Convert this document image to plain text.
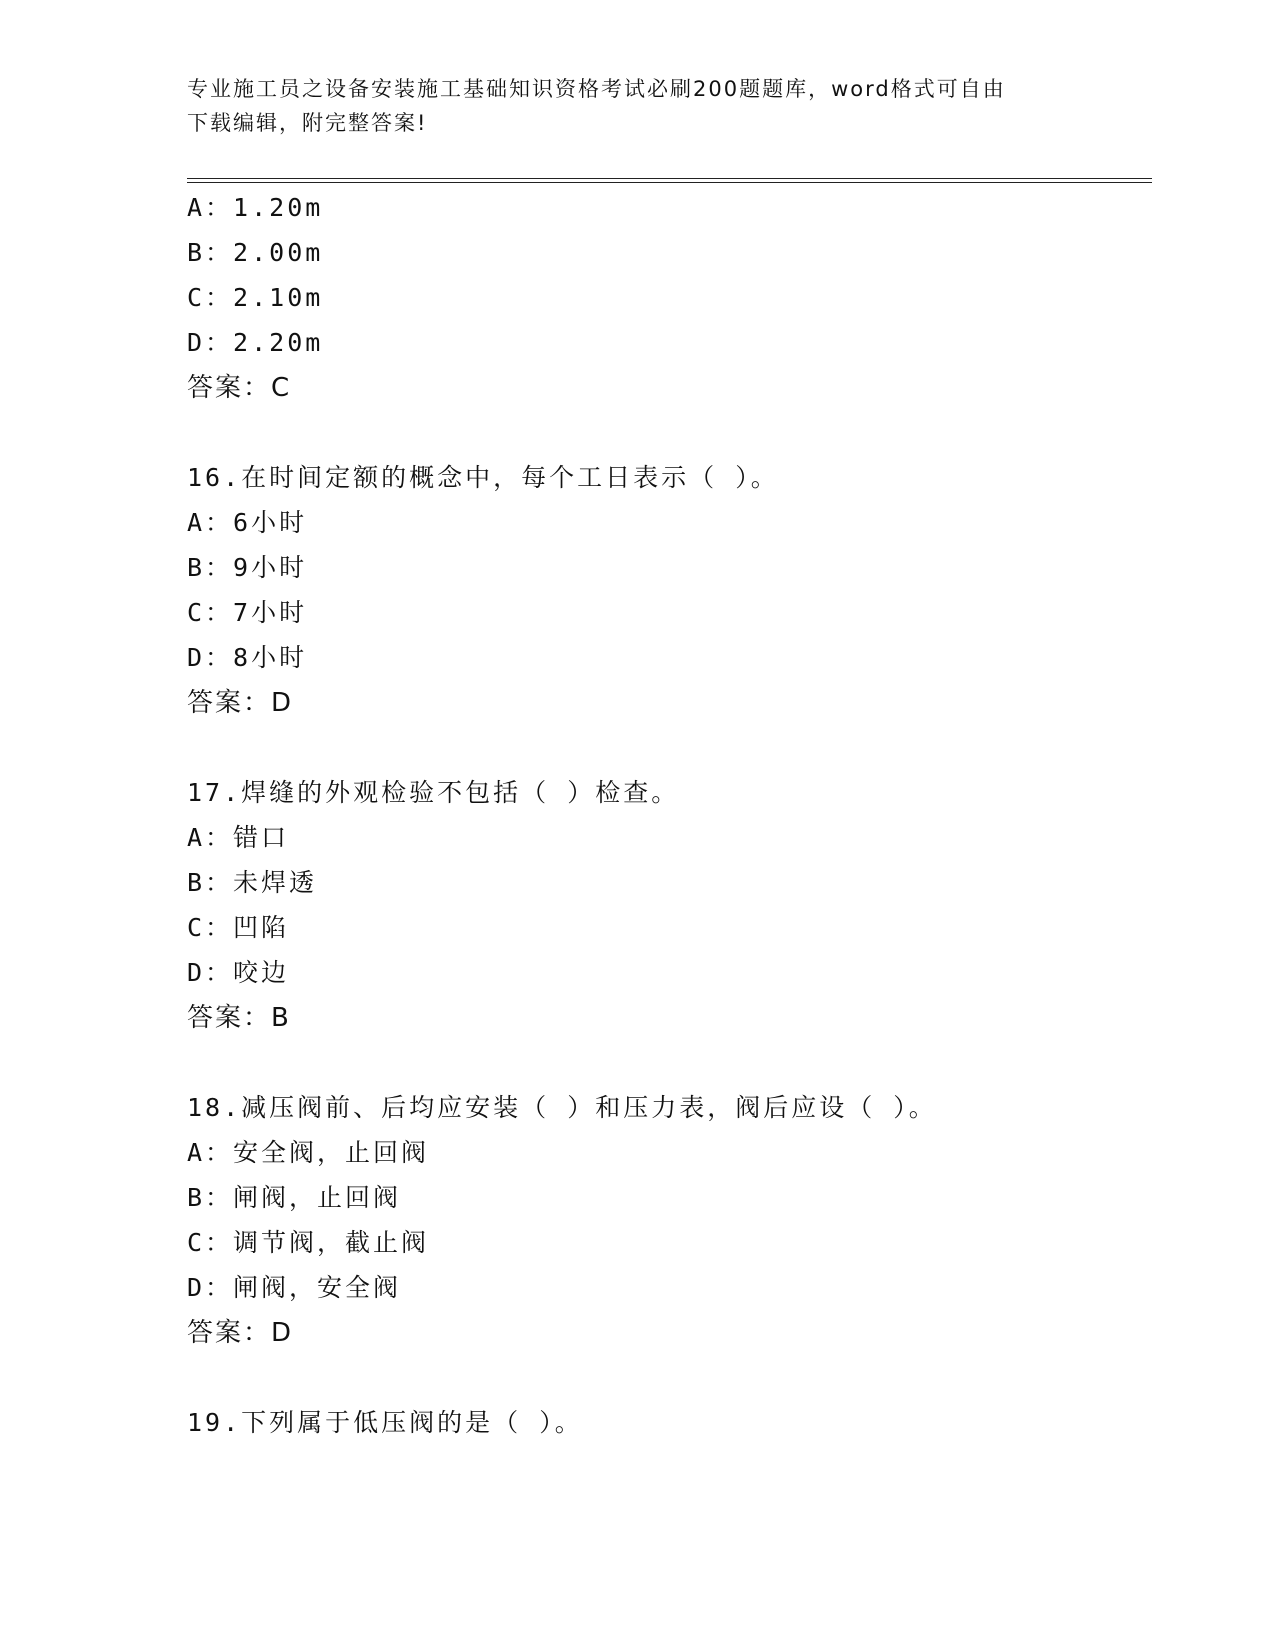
专业施工员之设备安装施工基础知识资格考试必刷200题题库，word格式可自由
下载编辑，附完整答案!
A：1.20m
B：2.00m
C：2.10m
D：2.20m
答案：C
16.在时间定额的概念中，每个工日表示（ ）。
A：6小时
B：9小时
C：7小时
D：8小时
答案：D
17.焊缝的外观检验不包括（ ）检查。
A：错口
B：未焊透
C：凹陷
D：咬边
答案：B
18.减压阀前、后均应安装（ ）和压力表，阀后应设（ ）。
A：安全阀，止回阀
B：闸阀，止回阀
C：调节阀，截止阀
D：闸阀，安全阀
答案：D
19.下列属于低压阀的是（ ）。
